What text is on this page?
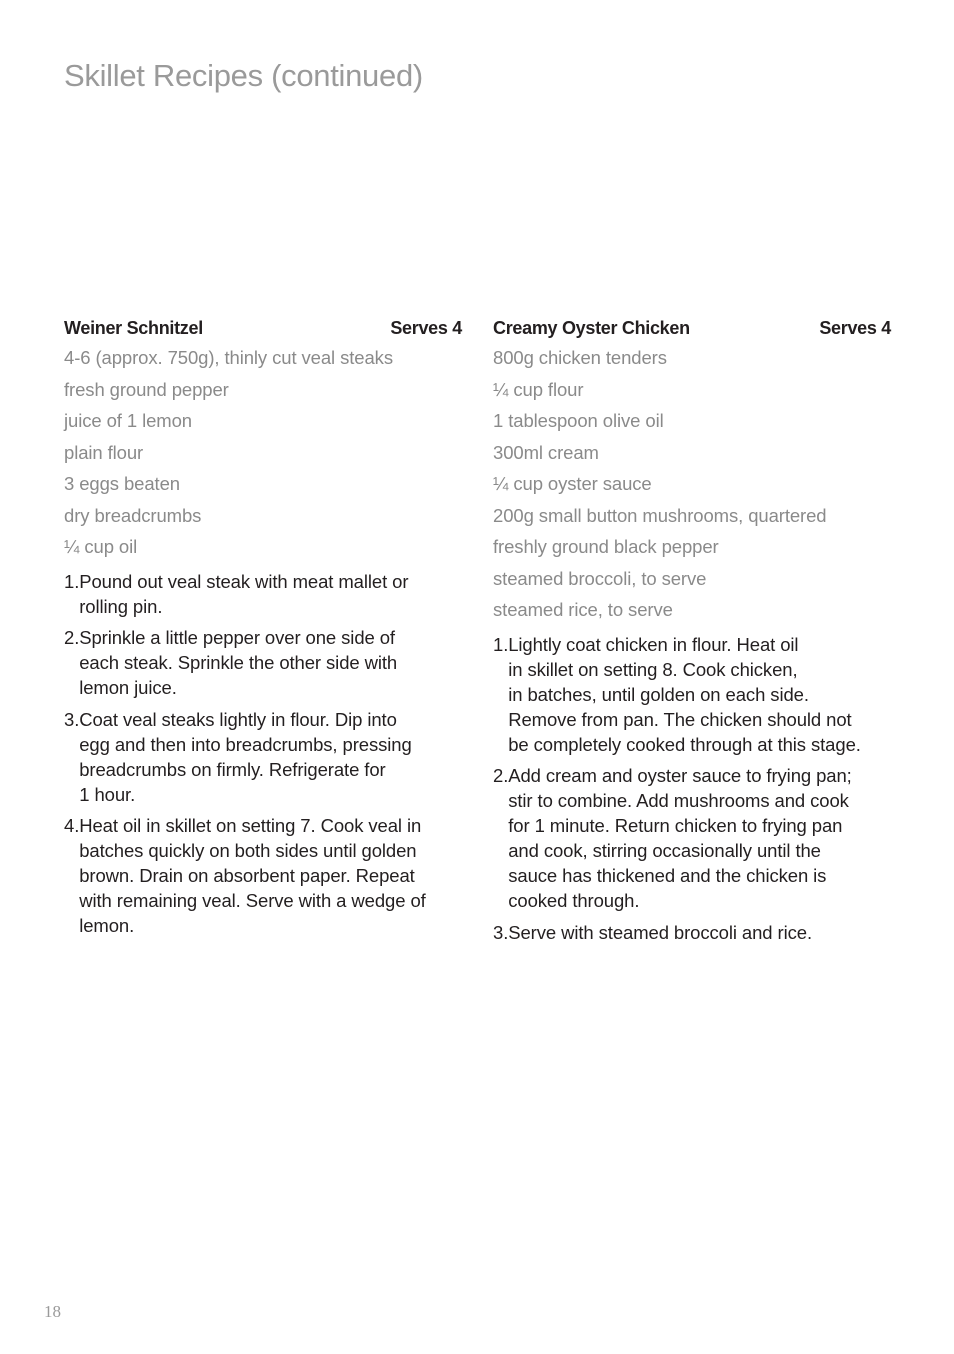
Skillet Recipes (continued)
Weiner Schnitzel	Serves 4
4-6 (approx. 750g), thinly cut veal steaks
fresh ground pepper
juice of 1 lemon
plain flour
3 eggs beaten
dry breadcrumbs
¼ cup oil
1. Pound out veal steak with meat mallet or
rolling pin.
2. Sprinkle a little pepper over one side of
each steak. Sprinkle the other side with
lemon juice.
3. Coat veal steaks lightly in flour. Dip into
egg and then into breadcrumbs, pressing
breadcrumbs on firmly. Refrigerate for
1 hour.
4. Heat oil in skillet on setting 7. Cook veal in
batches quickly on both sides until golden
brown. Drain on absorbent paper. Repeat
with remaining veal. Serve with a wedge of
lemon.
Creamy Oyster Chicken	Serves 4
800g chicken tenders
¼ cup flour
1 tablespoon olive oil
300ml cream
¼ cup oyster sauce
200g small button mushrooms, quartered
freshly ground black pepper
steamed broccoli, to serve
steamed rice, to serve
1. Lightly coat chicken in flour. Heat oil
in skillet on setting 8. Cook chicken,
in batches, until golden on each side.
Remove from pan. The chicken should not
be completely cooked through at this stage.
2. Add cream and oyster sauce to frying pan;
stir to combine. Add mushrooms and cook
for 1 minute. Return chicken to frying pan
and cook, stirring occasionally until the
sauce has thickened and the chicken is
cooked through.
3. Serve with steamed broccoli and rice.
18
